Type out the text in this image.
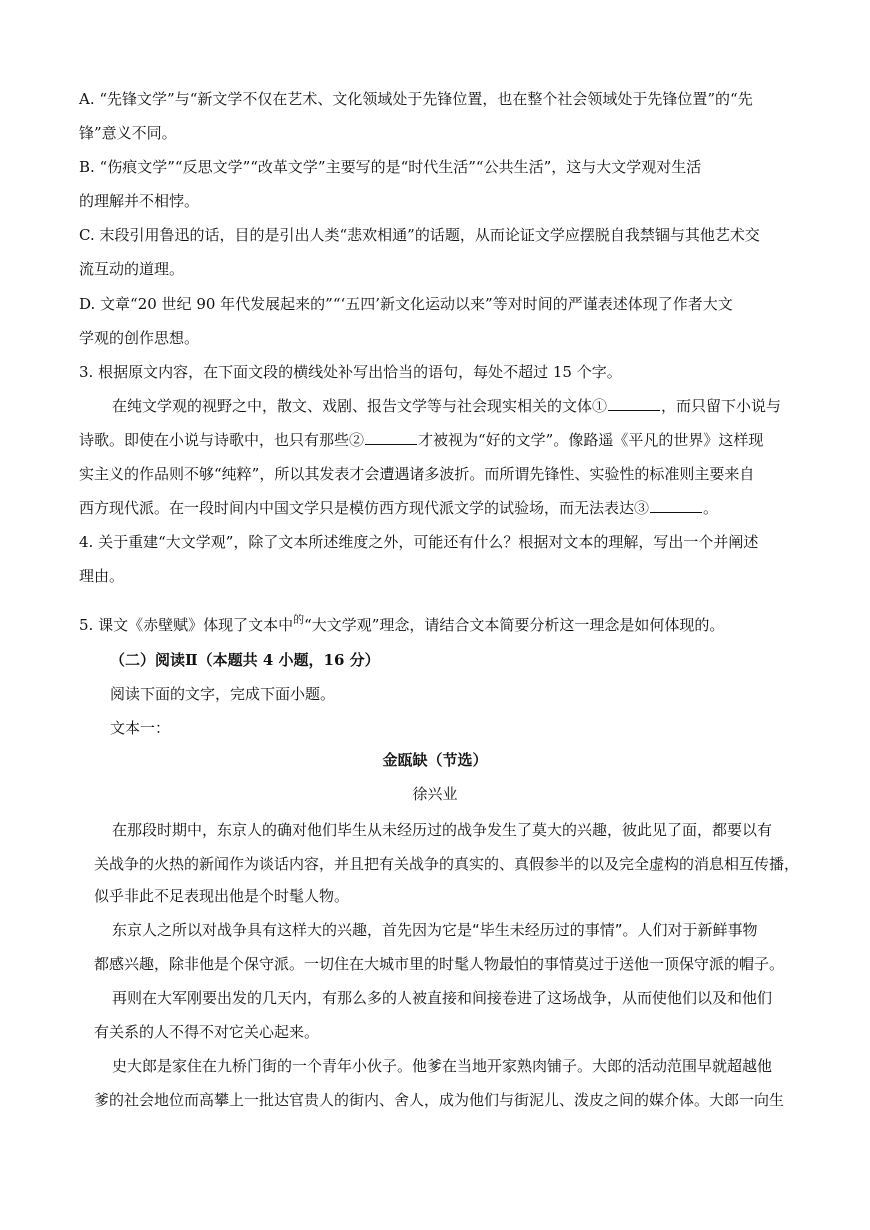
A. “先锋文学”与“新文学不仅在艺术、文化领域处于先锋位置，也在整个社会领域处于先锋位置”的“先
锋”意义不同。
B. “伤痕文学”“反思文学”“改革文学”主要写的是“时代生活”“公共生活”，这与大文学观对生活
的理解并不相悖。
C. 末段引用鲁迅的话，目的是引出人类“悲欢相通”的话题，从而论证文学应摆脱自我禁锢与其他艺术交
流互动的道理。
D. 文章“20 世纪 90 年代发展起来的”“‘五四’新文化运动以来”等对时间的严谨表述体现了作者大文
学观的创作思想。
3. 根据原文内容，在下面文段的横线处补写出恰当的语句，每处不超过 15 个字。
在纯文学观的视野之中，散文、戏剧、报告文学等与社会现实相关的文体①	，而只留下小说与
诗歌。即使在小说与诗歌中，也只有那些②	才被视为“好的文学”。像路遥《平凡的世界》这样现
实主义的作品则不够“纯粹”，所以其发表才会遭遇诸多波折。而所谓先锋性、实验性的标准则主要来自
西方现代派。在一段时间内中国文学只是模仿西方现代派文学的试验场，而无法表达③	。
4. 关于重建“大文学观”，除了文本所述维度之外，可能还有什么？根据对文本的理解，写出一个并阐述
理由。
5. 课文《赤壁赋》体现了文本中$^的$“大文学观”理念，请结合文本简要分析这一理念是如何体现的。
（二）阅读Ⅱ（本题共 4 小题，16 分）
阅读下面的文字，完成下面小题。
文本一：
金瓯缺（节选）
徐兴业
在那段时期中，东京人的确对他们毕生从未经历过的战争发生了莫大的兴趣，彼此见了面，都要以有
关战争的火热的新闻作为谈话内容，并且把有关战争的真实的、真假参半的以及完全虚构的消息相互传播，
似乎非此不足表现出他是个时髦人物。
东京人之所以对战争具有这样大的兴趣，首先因为它是“毕生未经历过的事情”。人们对于新鲜事物
都感兴趣，除非他是个保守派。一切住在大城市里的时髦人物最怕的事情莫过于送他一顶保守派的帽子。
再则在大军刚要出发的几天内，有那么多的人被直接和间接卷进了这场战争，从而使他们以及和他们
有关系的人不得不对它关心起来。
史大郎是家住在九桥门街的一个青年小伙子。他爹在当地开家熟肉铺子。大郎的活动范围早就超越他
爹的社会地位而高攀上一批达官贵人的街内、舍人，成为他们与街泥儿、泼皮之间的媒介体。大郎一向生
